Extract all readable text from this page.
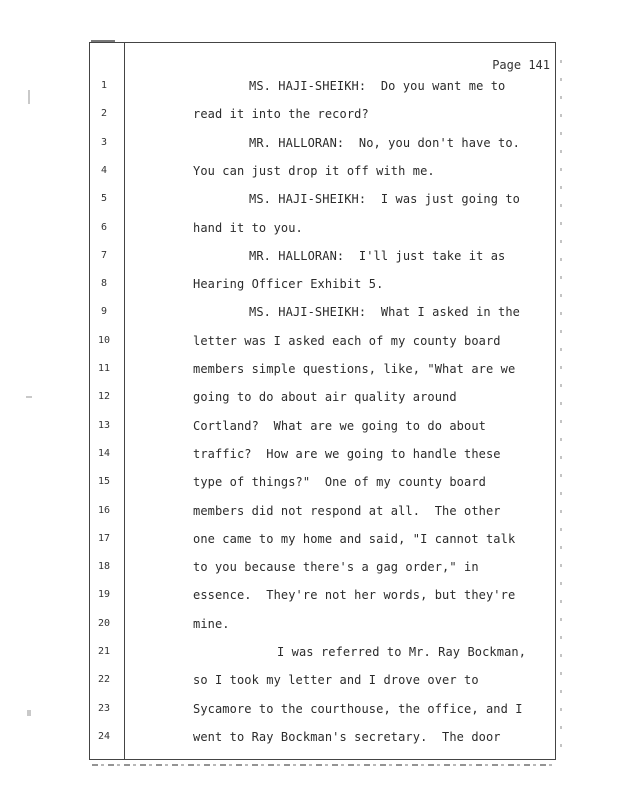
Page 141
1	MS. HAJI-SHEIKH:  Do you want me to
2	read it into the record?
3	MR. HALLORAN:  No, you don't have to.
4	You can just drop it off with me.
5	MS. HAJI-SHEIKH:  I was just going to
6	hand it to you.
7	MR. HALLORAN:  I'll just take it as
8	Hearing Officer Exhibit 5.
9	MS. HAJI-SHEIKH:  What I asked in the
10	letter was I asked each of my county board
11	members simple questions, like, "What are we
12	going to do about air quality around
13	Cortland?  What are we going to do about
14	traffic?  How are we going to handle these
15	type of things?"  One of my county board
16	members did not respond at all.  The other
17	one came to my home and said, "I cannot talk
18	to you because there's a gag order," in
19	essence.  They're not her words, but they're
20	mine.
21	I was referred to Mr. Ray Bockman,
22	so I took my letter and I drove over to
23	Sycamore to the courthouse, the office, and I
24	went to Ray Bockman's secretary.  The door
